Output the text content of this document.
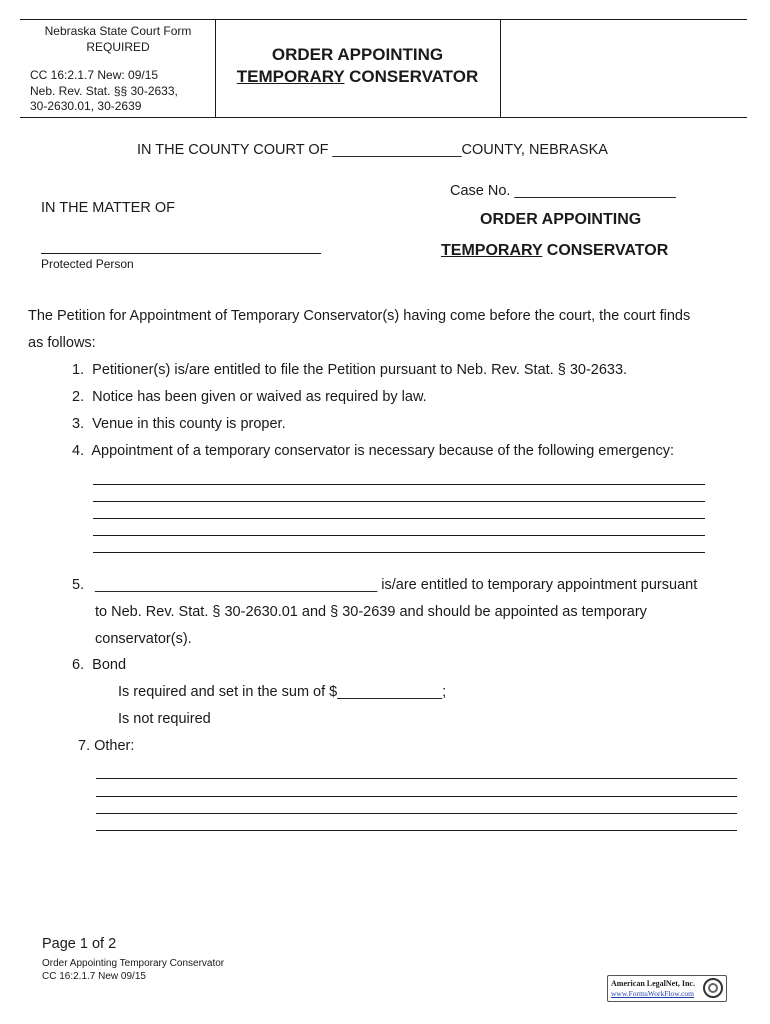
Nebraska State Court Form
REQUIRED
CC 16:2.1.7 New: 09/15
Neb. Rev. Stat. §§ 30-2633,
30-2630.01, 30-2639
ORDER APPOINTING
TEMPORARY CONSERVATOR
IN THE COUNTY COURT OF ________________COUNTY, NEBRASKA
Case No. ____________________
IN THE MATTER OF
Protected Person
ORDER APPOINTING
TEMPORARY CONSERVATOR
The Petition for Appointment of Temporary Conservator(s) having come before the court, the court finds
as follows:
1.  Petitioner(s) is/are entitled to file the Petition pursuant to Neb. Rev. Stat. § 30-2633.
2.  Notice has been given or waived as required by law.
3.  Venue in this county is proper.
4.  Appointment of a temporary conservator is necessary because of the following emergency:
5. ___________________________________ is/are entitled to temporary appointment pursuant
to Neb. Rev. Stat. § 30-2630.01 and § 30-2639 and should be appointed as temporary
conservator(s).
6.  Bond
Is required and set in the sum of $_____________;
Is not required
7. Other:
Page 1 of 2
Order Appointing Temporary Conservator
CC 16:2.1.7 New 09/15
American LegalNet, Inc.
www.FormsWorkFlow.com
